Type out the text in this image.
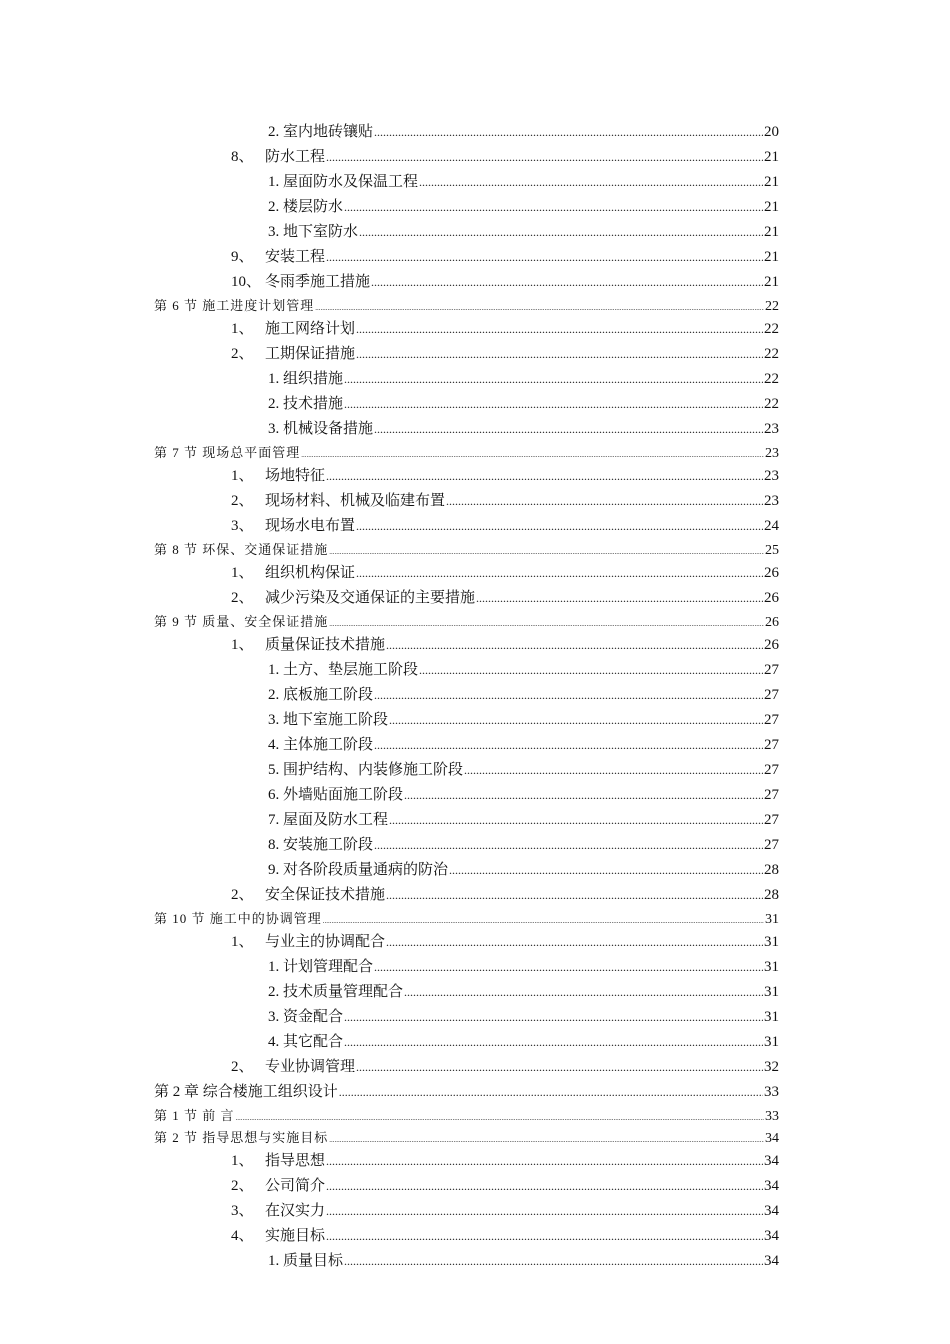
2. 室内地砖镶贴 .....	20
8、 防水工程 .....	21
1. 屋面防水及保温工程 .....	21
2. 楼层防水 .....	21
3. 地下室防水 .....	21
9、 安装工程 .....	21
10、 冬雨季施工措施 .....	21
第 6 节 施工进度计划管理 .....	22
1、 施工网络计划 .....	22
2、 工期保证措施 .....	22
1. 组织措施 .....	22
2. 技术措施 .....	22
3. 机械设备措施 .....	23
第 7 节 现场总平面管理 .....	23
1、 场地特征 .....	23
2、 现场材料、机械及临建布置 .....	23
3、 现场水电布置 .....	24
第 8 节 环保、交通保证措施 .....	25
1、 组织机构保证 .....	26
2、 减少污染及交通保证的主要措施 .....	26
第 9 节 质量、安全保证措施 .....	26
1、 质量保证技术措施 .....	26
1. 土方、垫层施工阶段 .....	27
2. 底板施工阶段 .....	27
3. 地下室施工阶段 .....	27
4. 主体施工阶段 .....	27
5. 围护结构、内装修施工阶段 .....	27
6. 外墙贴面施工阶段 .....	27
7. 屋面及防水工程 .....	27
8. 安装施工阶段 .....	27
9. 对各阶段质量通病的防治 .....	28
2、 安全保证技术措施 .....	28
第 10 节 施工中的协调管理 .....	31
1、 与业主的协调配合 .....	31
1. 计划管理配合 .....	31
2. 技术质量管理配合 .....	31
3. 资金配合 .....	31
4. 其它配合 .....	31
2、 专业协调管理 .....	32
第 2 章 综合楼施工组织设计 .....	33
第 1 节 前 言 .....	33
第 2 节 指导思想与实施目标 .....	34
1、 指导思想 .....	34
2、 公司简介 .....	34
3、 在汉实力 .....	34
4、 实施目标 .....	34
1. 质量目标 .....	34
